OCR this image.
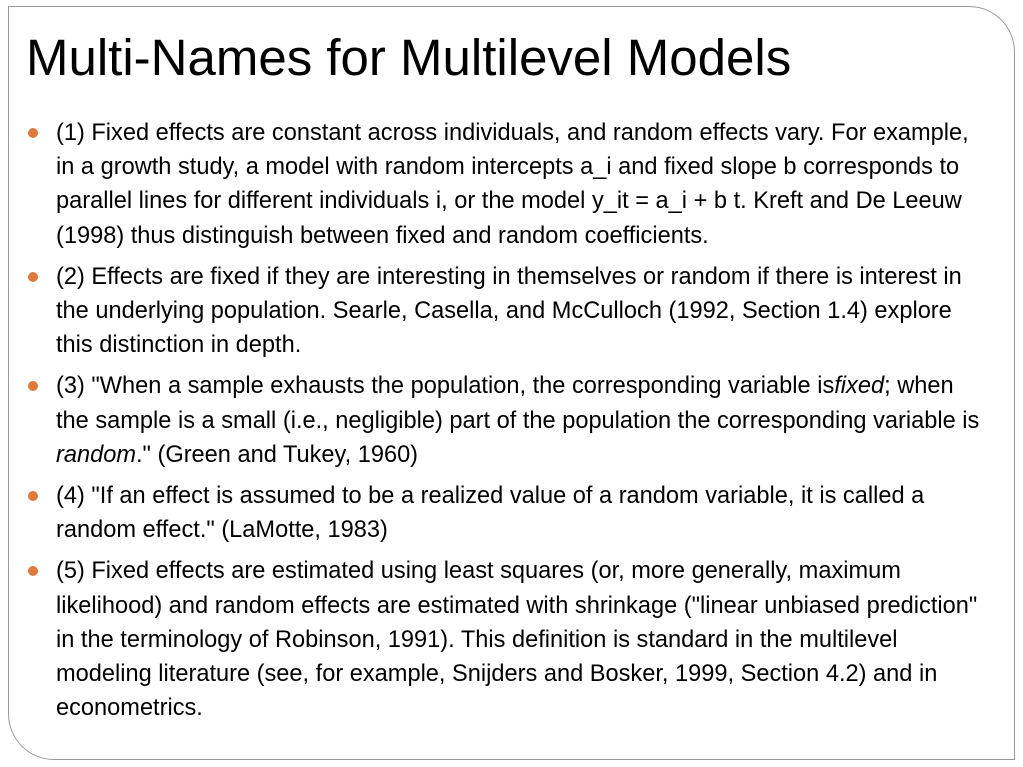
Multi-Names for Multilevel Models
(1) Fixed effects are constant across individuals, and random effects vary. For example, in a growth study, a model with random intercepts a_i and fixed slope b corresponds to parallel lines for different individuals i, or the model y_it = a_i + b t. Kreft and De Leeuw (1998) thus distinguish between fixed and random coefficients.
(2) Effects are fixed if they are interesting in themselves or random if there is interest in the underlying population. Searle, Casella, and McCulloch (1992, Section 1.4) explore this distinction in depth.
(3) "When a sample exhausts the population, the corresponding variable isfixed; when the sample is a small (i.e., negligible) part of the population the corresponding variable is random." (Green and Tukey, 1960)
(4) "If an effect is assumed to be a realized value of a random variable, it is called a random effect." (LaMotte, 1983)
(5) Fixed effects are estimated using least squares (or, more generally, maximum likelihood) and random effects are estimated with shrinkage ("linear unbiased prediction" in the terminology of Robinson, 1991). This definition is standard in the multilevel modeling literature (see, for example, Snijders and Bosker, 1999, Section 4.2) and in econometrics.
